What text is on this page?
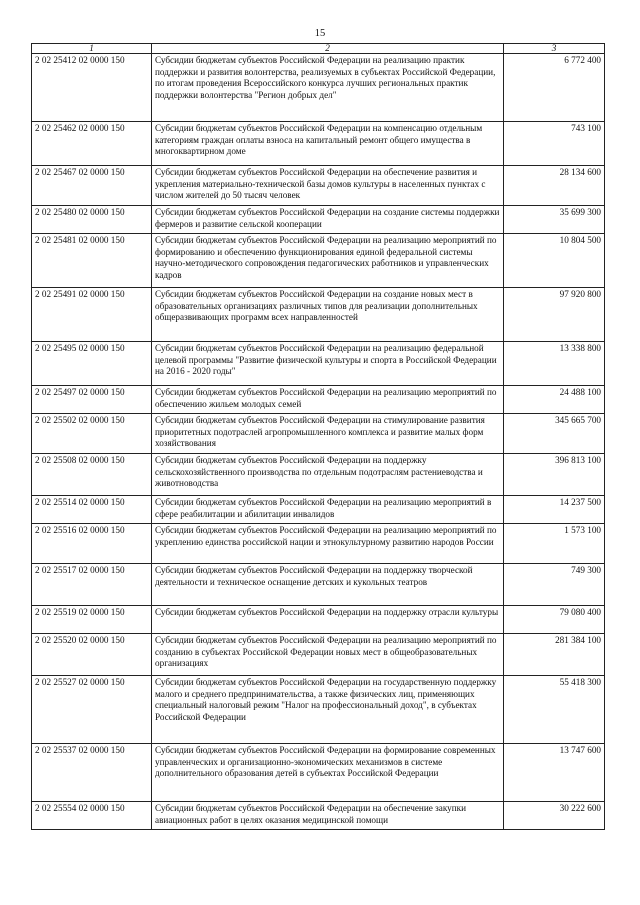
15
1	2	3
2 02 25412 02 0000 150	Субсидии бюджетам субъектов Российской Федерации на реализацию практик поддержки и развития волонтерства, реализуемых в субъектах Российской Федерации, по итогам проведения Всероссийского конкурса лучших региональных практик поддержки волонтерства "Регион добрых дел"	6 772 400
2 02 25462 02 0000 150	Субсидии бюджетам субъектов Российской Федерации на компенсацию отдельным категориям граждан оплаты взноса на капитальный ремонт общего имущества в многоквартирном доме	743 100
2 02 25467 02 0000 150	Субсидии бюджетам субъектов Российской Федерации на обеспечение развития и укрепления материально-технической базы домов культуры в населенных пунктах с числом жителей до 50 тысяч человек	28 134 600
2 02 25480 02 0000 150	Субсидии бюджетам субъектов Российской Федерации на создание системы поддержки фермеров и развитие сельской кооперации	35 699 300
2 02 25481 02 0000 150	Субсидии бюджетам субъектов Российской Федерации на реализацию мероприятий по формированию и обеспечению функционирования единой федеральной системы научно-методического сопровождения педагогических работников и управленческих кадров	10 804 500
2 02 25491 02 0000 150	Субсидии бюджетам субъектов Российской Федерации на создание новых мест в образовательных организациях различных типов для реализации дополнительных общеразвивающих программ всех направленностей	97 920 800
2 02 25495 02 0000 150	Субсидии бюджетам субъектов Российской Федерации на реализацию федеральной целевой программы "Развитие физической культуры и спорта в Российской Федерации на 2016 - 2020 годы"	13 338 800
2 02 25497 02 0000 150	Субсидии бюджетам субъектов Российской Федерации на реализацию мероприятий по обеспечению жильем молодых семей	24 488 100
2 02 25502 02 0000 150	Субсидии бюджетам субъектов Российской Федерации на стимулирование развития приоритетных подотраслей агропромышленного комплекса и развитие малых форм хозяйствования	345 665 700
2 02 25508 02 0000 150	Субсидии бюджетам субъектов Российской Федерации на поддержку сельскохозяйственного производства по отдельным подотраслям растениеводства и животноводства	396 813 100
2 02 25514 02 0000 150	Субсидии бюджетам субъектов Российской Федерации на реализацию мероприятий в сфере реабилитации и абилитации инвалидов	14 237 500
2 02 25516 02 0000 150	Субсидии бюджетам субъектов Российской Федерации на реализацию мероприятий по укреплению единства российской нации и этнокультурному развитию народов России	1 573 100
2 02 25517 02 0000 150	Субсидии бюджетам субъектов Российской Федерации на поддержку творческой деятельности и техническое оснащение детских и кукольных театров	749 300
2 02 25519 02 0000 150	Субсидии бюджетам субъектов Российской Федерации на поддержку отрасли культуры	79 080 400
2 02 25520 02 0000 150	Субсидии бюджетам субъектов Российской Федерации на реализацию мероприятий по созданию в субъектах Российской Федерации новых мест в общеобразовательных организациях	281 384 100
2 02 25527 02 0000 150	Субсидии бюджетам субъектов Российской Федерации на государственную поддержку малого и среднего предпринимательства, а также физических лиц, применяющих специальный налоговый режим "Налог на профессиональный доход", в субъектах Российской Федерации	55 418 300
2 02 25537 02 0000 150	Субсидии бюджетам субъектов Российской Федерации на формирование современных управленческих и организационно-экономических механизмов в системе дополнительного образования детей в субъектах Российской Федерации	13 747 600
2 02 25554 02 0000 150	Субсидии бюджетам субъектов Российской Федерации на обеспечение закупки авиационных работ в целях оказания медицинской помощи	30 222 600
